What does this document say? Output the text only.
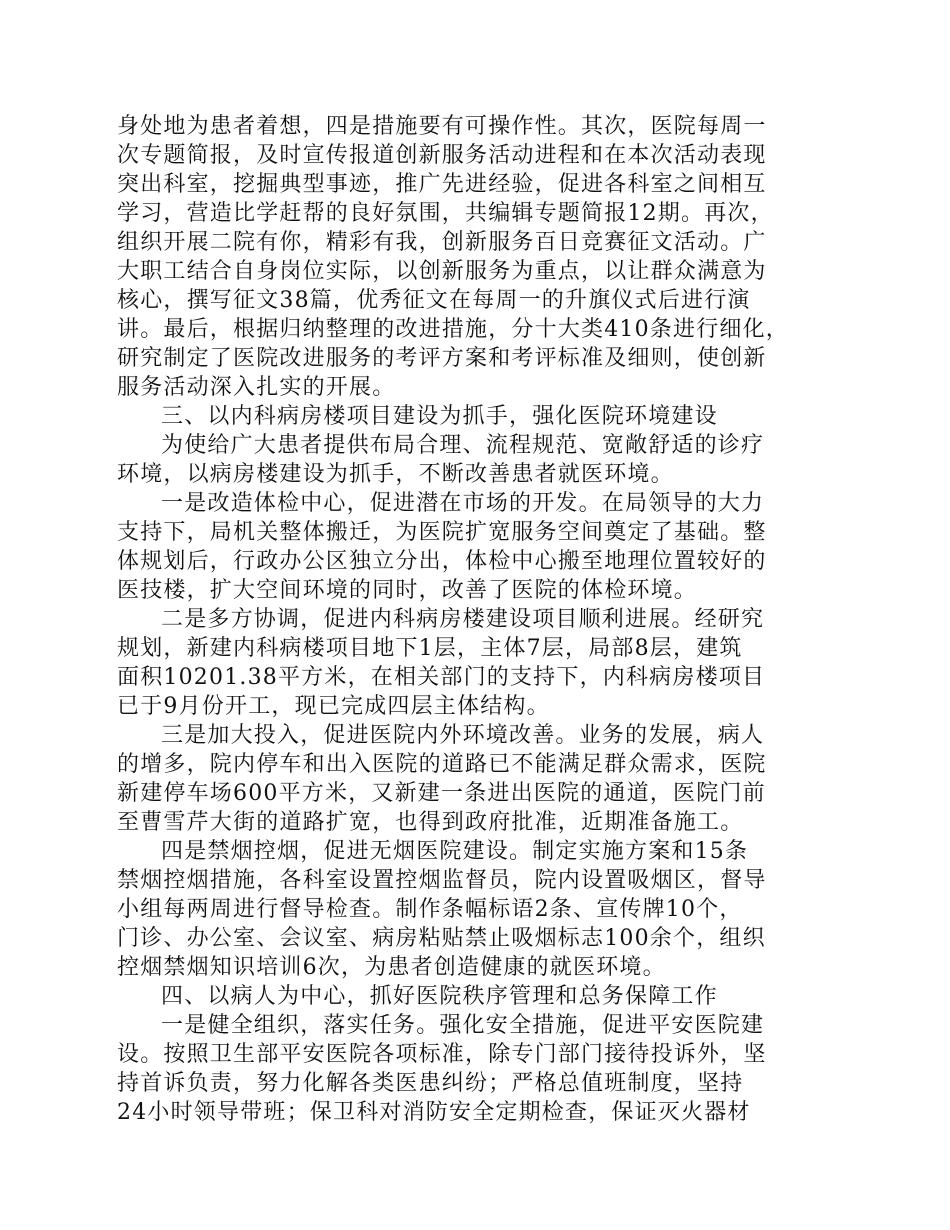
身处地为患者着想，四是措施要有可操作性。其次，医院每周一
次专题简报，及时宣传报道创新服务活动进程和在本次活动表现
突出科室，挖掘典型事迹，推广先进经验，促进各科室之间相互
学习，营造比学赶帮的良好氛围，共编辑专题简报12期。再次，
组织开展二院有你，精彩有我，创新服务百日竞赛征文活动。广
大职工结合自身岗位实际，以创新服务为重点，以让群众满意为
核心，撰写征文38篇，优秀征文在每周一的升旗仪式后进行演
讲。最后，根据归纳整理的改进措施，分十大类410条进行细化，
研究制定了医院改进服务的考评方案和考评标准及细则，使创新
服务活动深入扎实的开展。
三、以内科病房楼项目建设为抓手，强化医院环境建设
为使给广大患者提供布局合理、流程规范、宽敞舒适的诊疗
环境，以病房楼建设为抓手，不断改善患者就医环境。
一是改造体检中心，促进潜在市场的开发。在局领导的大力
支持下，局机关整体搬迁，为医院扩宽服务空间奠定了基础。整
体规划后，行政办公区独立分出，体检中心搬至地理位置较好的
医技楼，扩大空间环境的同时，改善了医院的体检环境。
二是多方协调，促进内科病房楼建设项目顺利进展。经研究
规划，新建内科病楼项目地下1层，主体7层，局部8层，建筑
面积10201.38平方米，在相关部门的支持下，内科病房楼项目
已于9月份开工，现已完成四层主体结构。
三是加大投入，促进医院内外环境改善。业务的发展，病人
的增多，院内停车和出入医院的道路已不能满足群众需求，医院
新建停车场600平方米，又新建一条进出医院的通道，医院门前
至曹雪芹大街的道路扩宽，也得到政府批准，近期准备施工。
四是禁烟控烟，促进无烟医院建设。制定实施方案和15条
禁烟控烟措施，各科室设置控烟监督员，院内设置吸烟区，督导
小组每两周进行督导检查。制作条幅标语2条、宣传牌10个，
门诊、办公室、会议室、病房粘贴禁止吸烟标志100余个，组织
控烟禁烟知识培训6次，为患者创造健康的就医环境。
四、以病人为中心，抓好医院秩序管理和总务保障工作
一是健全组织，落实任务。强化安全措施，促进平安医院建
设。按照卫生部平安医院各项标准，除专门部门接待投诉外，坚
持首诉负责，努力化解各类医患纠纷；严格总值班制度，坚持
24小时领导带班；保卫科对消防安全定期检查，保证灭火器材
